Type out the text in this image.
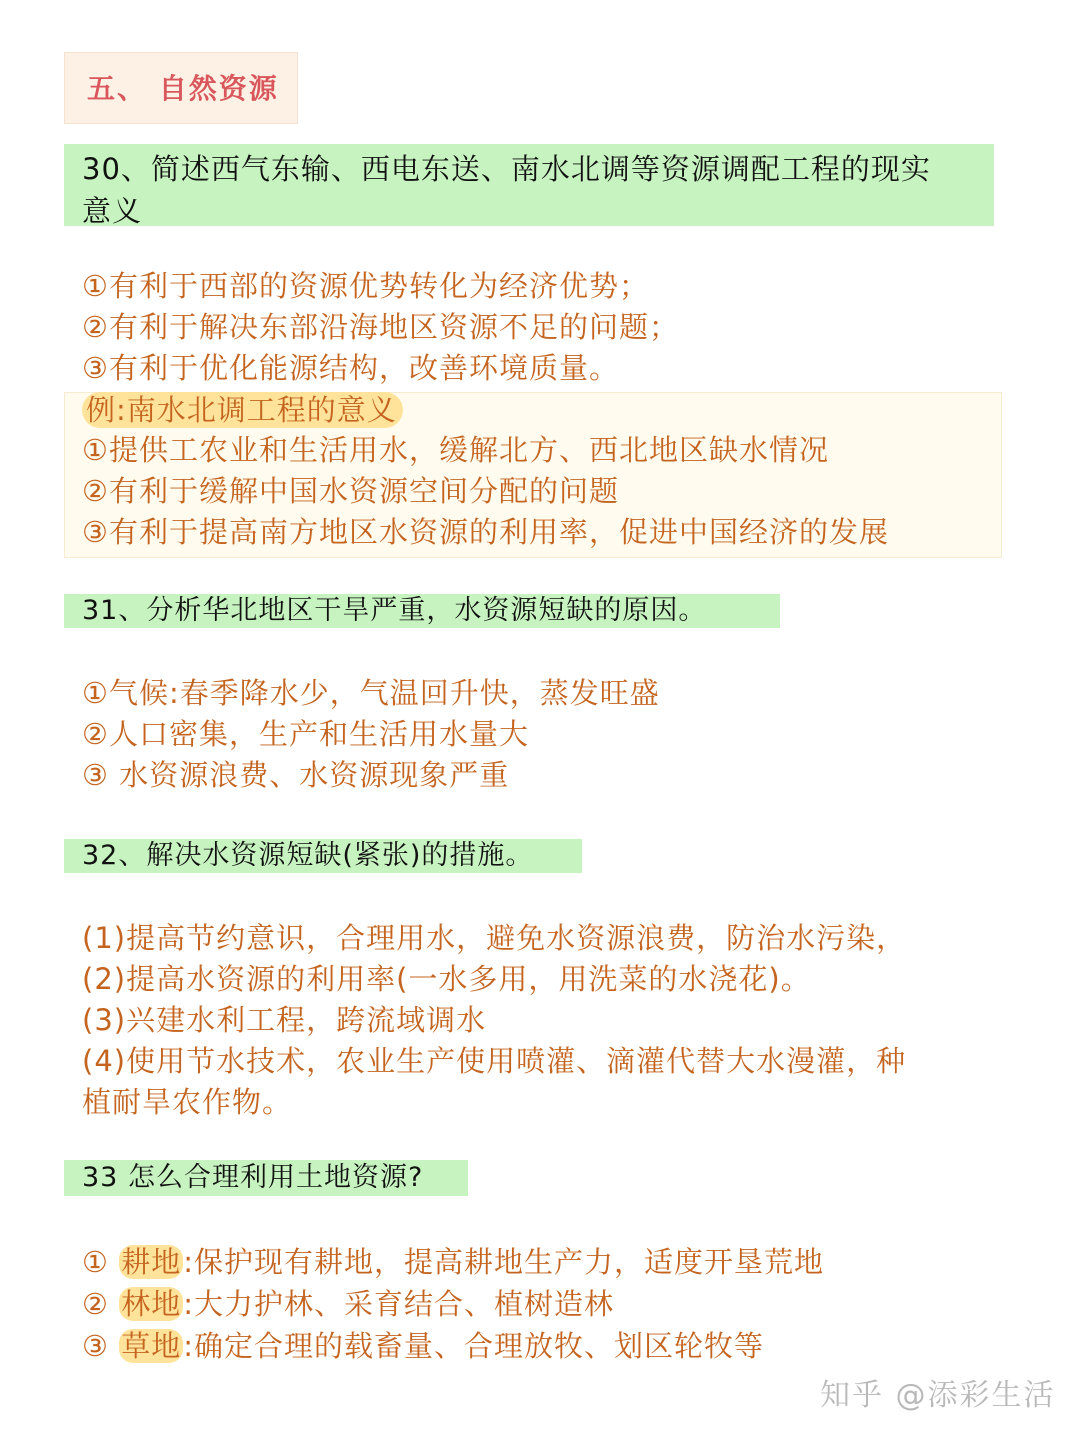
五、 自然资源
30、简述西气东输、西电东送、南水北调等资源调配工程的现实
意义
①有利于西部的资源优势转化为经济优势；
②有利于解决东部沿海地区资源不足的问题；
③有利于优化能源结构，改善环境质量。
例:南水北调工程的意义
①提供工农业和生活用水，缓解北方、西北地区缺水情况
②有利于缓解中国水资源空间分配的问题
③有利于提高南方地区水资源的利用率，促进中国经济的发展
31、分析华北地区干旱严重，水资源短缺的原因。
①气候:春季降水少，气温回升快，蒸发旺盛
②人口密集，生产和生活用水量大
③ 水资源浪费、水资源现象严重
32、解决水资源短缺(紧张)的措施。
(1)提高节约意识，合理用水，避免水资源浪费，防治水污染，
(2)提高水资源的利用率(一水多用，用洗菜的水浇花)。
(3)兴建水利工程，跨流域调水
(4)使用节水技术，农业生产使用喷灌、滴灌代替大水漫灌，种
植耐旱农作物。
33 怎么合理利用土地资源?
① 耕地:保护现有耕地，提高耕地生产力，适度开垦荒地
② 林地:大力护林、采育结合、植树造林
③ 草地:确定合理的载畜量、合理放牧、划区轮牧等
知乎 @添彩生活
